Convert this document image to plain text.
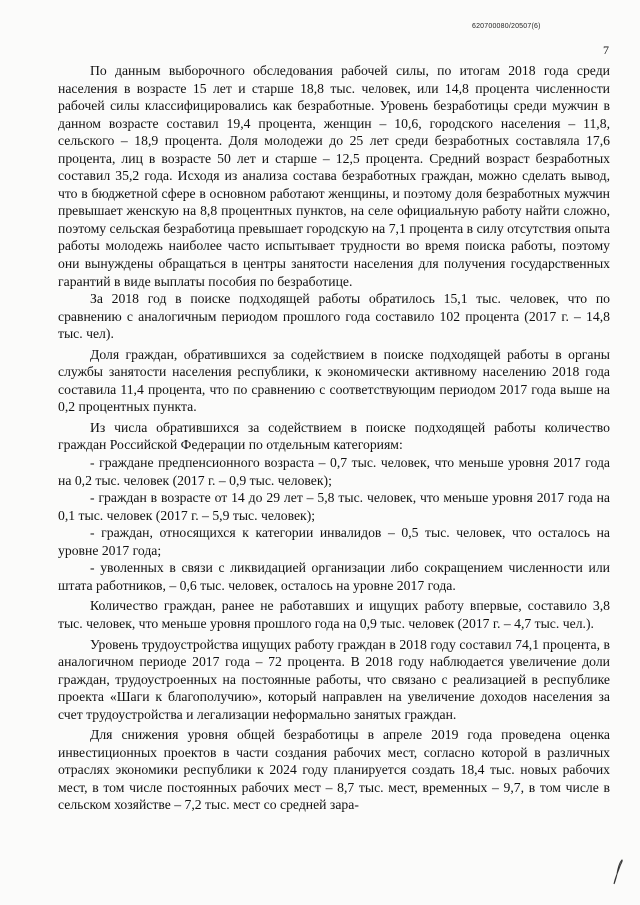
620700080/20507(6)
7

По данным выборочного обследования рабочей силы, по итогам 2018 года среди населения в возрасте 15 лет и старше 18,8 тыс. человек, или 14,8 процента численности рабочей силы классифицировались как безработные. Уровень безработицы среди мужчин в данном возрасте составил 19,4 процента, женщин – 10,6, городского населения – 11,8, сельского – 18,9 процента. Доля молодежи до 25 лет среди безработных составляла 17,6 процента, лиц в возрасте 50 лет и старше – 12,5 процента. Средний возраст безработных составил 35,2 года. Исходя из анализа состава безработных граждан, можно сделать вывод, что в бюджетной сфере в основном работают женщины, и поэтому доля безработных мужчин превышает женскую на 8,8 процентных пунктов, на селе официальную работу найти сложно, поэтому сельская безработица превышает городскую на 7,1 процента в силу отсутствия опыта работы молодежь наиболее часто испытывает трудности во время поиска работы, поэтому они вынуждены обращаться в центры занятости населения для получения государственных гарантий в виде выплаты пособия по безработице.

За 2018 год в поиске подходящей работы обратилось 15,1 тыс. человек, что по сравнению с аналогичным периодом прошлого года составило 102 процента (2017 г. – 14,8 тыс. чел).

Доля граждан, обратившихся за содействием в поиске подходящей работы в органы службы занятости населения республики, к экономически активному населению 2018 года составила 11,4 процента, что по сравнению с соответствующим периодом 2017 года выше на 0,2 процентных пункта.

Из числа обратившихся за содействием в поиске подходящей работы количество граждан Российской Федерации по отдельным категориям:

- граждане предпенсионного возраста – 0,7 тыс. человек, что меньше уровня 2017 года на 0,2 тыс. человек (2017 г. – 0,9 тыс. человек);

- граждан в возрасте от 14 до 29 лет – 5,8 тыс. человек, что меньше уровня 2017 года на 0,1 тыс. человек (2017 г. – 5,9 тыс. человек);

- граждан, относящихся к категории инвалидов – 0,5 тыс. человек, что осталось на уровне 2017 года;

- уволенных в связи с ликвидацией организации либо сокращением численности или штата работников, – 0,6 тыс. человек, осталось на уровне 2017 года.

Количество граждан, ранее не работавших и ищущих работу впервые, составило 3,8 тыс. человек, что меньше уровня прошлого года на 0,9 тыс. человек (2017 г. – 4,7 тыс. чел.).

Уровень трудоустройства ищущих работу граждан в 2018 году составил 74,1 процента, в аналогичном периоде 2017 года – 72 процента. В 2018 году наблюдается увеличение доли граждан, трудоустроенных на постоянные работы, что связано с реализацией в республике проекта «Шаги к благополучию», который направлен на увеличение доходов населения за счет трудоустройства и легализации неформально занятых граждан.

Для снижения уровня общей безработицы в апреле 2019 года проведена оценка инвестиционных проектов в части создания рабочих мест, согласно которой в различных отраслях экономики республики к 2024 году планируется создать 18,4 тыс. новых рабочих мест, в том числе постоянных рабочих мест – 8,7 тыс. мест, временных – 9,7, в том числе в сельском хозяйстве – 7,2 тыс. мест со средней зара-
